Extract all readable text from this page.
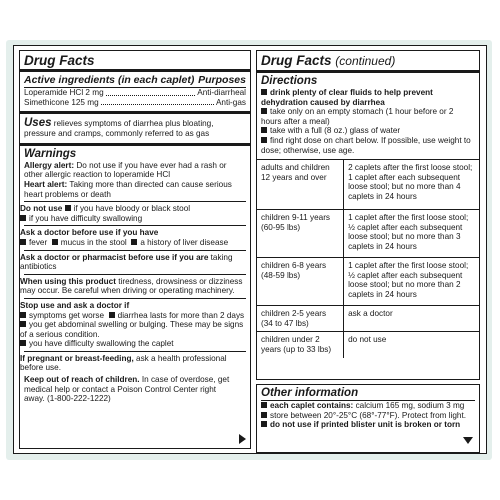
Drug Facts
Active ingredients (in each caplet) Purposes
Loperamide HCl 2 mg	Anti-diarrheal
Simethicone 125 mg	Anti-gas
Uses relieves symptoms of diarrhea plus bloating, pressure and cramps, commonly referred to as gas
Warnings
Allergy alert: Do not use if you have ever had a rash or other allergic reaction to loperamide HCl
Heart alert: Taking more than directed can cause serious heart problems or death
Do not use if you have bloody or black stool
if you have difficulty swallowing
Ask a doctor before use if you have
fever mucus in the stool a history of liver disease
Ask a doctor or pharmacist before use if you are taking antibiotics
When using this product tiredness, drowsiness or dizziness may occur. Be careful when driving or operating machinery.
Stop use and ask a doctor if
symptoms get worse diarrhea lasts for more than 2 days
you get abdominal swelling or bulging. These may be signs of a serious condition.
you have difficulty swallowing the caplet
If pregnant or breast-feeding, ask a health professional before use.
Keep out of reach of children. In case of overdose, get medical help or contact a Poison Control Center right away. (1-800-222-1222)
Drug Facts (continued)
Directions
drink plenty of clear fluids to help prevent dehydration caused by diarrhea
take only on an empty stomach (1 hour before or 2 hours after a meal)
take with a full (8 oz.) glass of water
find right dose on chart below. If possible, use weight to dose; otherwise, use age.
adults and children 12 years and over	2 caplets after the first loose stool; 1 caplet after each subsequent loose stool; but no more than 4 caplets in 24 hours
children 9-11 years (60-95 lbs)	1 caplet after the first loose stool; ½ caplet after each subsequent loose stool; but no more than 3 caplets in 24 hours
children 6-8 years (48-59 lbs)	1 caplet after the first loose stool; ½ caplet after each subsequent loose stool; but no more than 2 caplets in 24 hours
children 2-5 years (34 to 47 lbs)	ask a doctor
children under 2 years (up to 33 lbs)	do not use
Other information
each caplet contains: calcium 165 mg, sodium 3 mg
store between 20°-25°C (68°-77°F). Protect from light.
do not use if printed blister unit is broken or torn
